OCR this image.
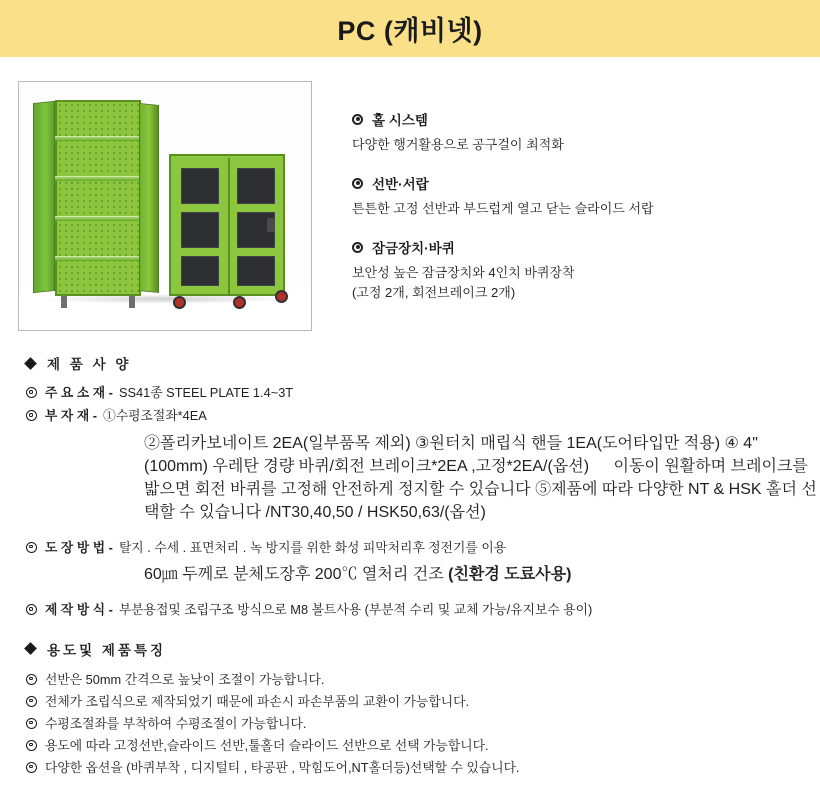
PC (캐비넷)
홀 시스템
다양한 행거활용으로 공구걸이 최적화
선반·서랍
튼튼한 고정 선반과 부드럽게 열고 닫는 슬라이드 서랍
잠금장치·바퀴
보안성 높은 잠금장치와 4인치 바퀴장착
(고정 2개, 회전브레이크 2개)
제 품 사 양
주 요 소 재 - SS41종 STEEL PLATE 1.4~3T
부 자 재 - ①수평조절좌*4EA
②폴리카보네이트 2EA(일부품목 제외) ③원터치 매립식 핸들 1EA(도어타입만 적용) ④ 4" (100mm) 우레탄 경량 바퀴/회전 브레이크*2EA ,고정*2EA/(옵션) 이동이 원활하며 브레이크를 밟으면 회전 바퀴를 고정해 안전하게 정지할 수 있습니다 ⑤제품에 따라 다양한 NT & HSK 홀더 선택할 수 있습니다 /NT30,40,50 / HSK50,63/(옵션)
도 장 방 법 - 탈지 . 수세 . 표면처리 . 녹 방지를 위한 화성 피막처리후 정전기를 이용
60㎛ 두께로 분체도장후 200℃ 열처리 건조 (친환경 도료사용)
제 작 방 식 - 부분용접및 조립구조 방식으로 M8 볼트사용 (부분적 수리 및 교체 가능/유지보수 용이)
용도및 제품특징
선반은 50mm 간격으로 높낮이 조절이 가능합니다.
전체가 조립식으로 제작되었기 때문에 파손시 파손부품의 교환이 가능합니다.
수평조절좌를 부착하여 수평조절이 가능합니다.
용도에 따라 고정선반,슬라이드 선반,툴홀더 슬라이드 선반으로 선택 가능합니다.
다양한 옵션을 (바퀴부착 , 디지털티 , 타공판 , 막힘도어,NT홀더등)선택할 수 있습니다.
